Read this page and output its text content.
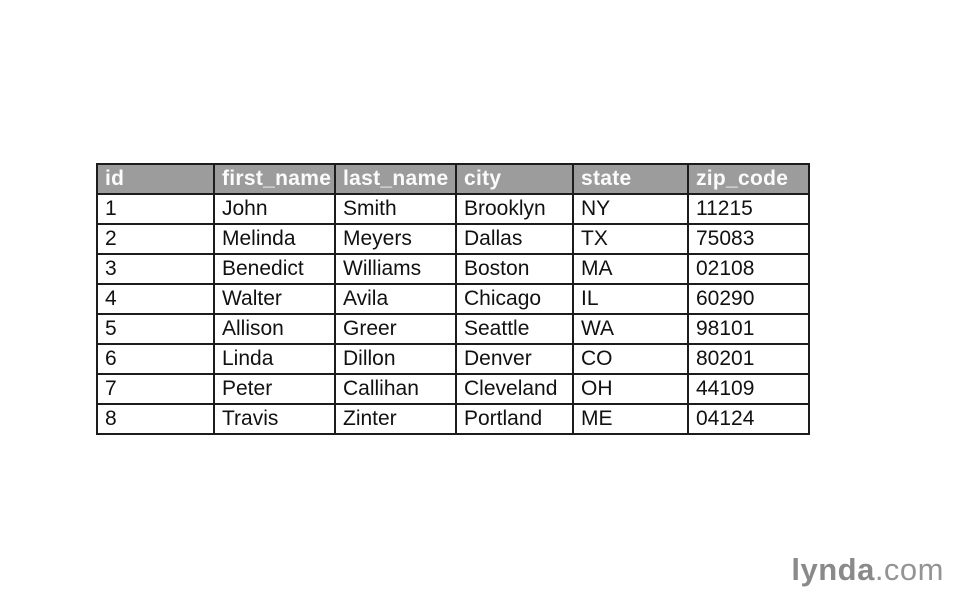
id	first_name	last_name	city	state	zip_code
1	John	Smith	Brooklyn	NY	11215
2	Melinda	Meyers	Dallas	TX	75083
3	Benedict	Williams	Boston	MA	02108
4	Walter	Avila	Chicago	IL	60290
5	Allison	Greer	Seattle	WA	98101
6	Linda	Dillon	Denver	CO	80201
7	Peter	Callihan	Cleveland	OH	44109
8	Travis	Zinter	Portland	ME	04124
lynda.com
